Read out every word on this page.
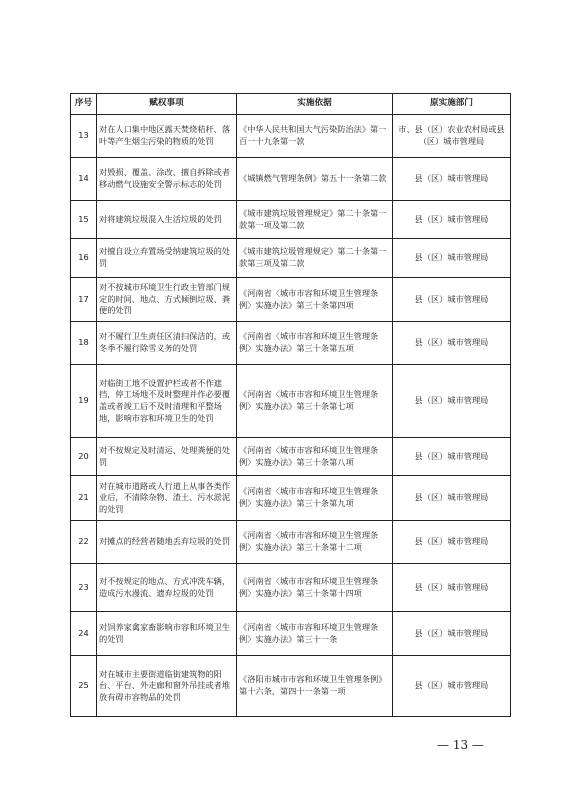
序号	赋权事项	实施依据	原实施部门
13	对在人口集中地区露天焚烧秸秆、落叶等产生烟尘污染的物质的处罚	《中华人民共和国大气污染防治法》第一百一十九条第一款	市、县（区）农业农村局或县（区）城市管理局
14	对毁损、覆盖、涂改、擅自拆除或者移动燃气设施安全警示标志的处罚	《城镇燃气管理条例》第五十一条第二款	县（区）城市管理局
15	对将建筑垃圾混入生活垃圾的处罚	《城市建筑垃圾管理规定》第二十条第一款第一项及第二款	县（区）城市管理局
16	对擅自设立弃置场受纳建筑垃圾的处罚	《城市建筑垃圾管理规定》第二十条第一款第三项及第二款	县（区）城市管理局
17	对不按城市环境卫生行政主管部门规定的时间、地点、方式倾倒垃圾、粪便的处罚	《河南省〈城市市容和环境卫生管理条例〉实施办法》第三十条第四项	县（区）城市管理局
18	对不履行卫生责任区清扫保洁的，或冬季不履行除雪义务的处罚	《河南省〈城市市容和环境卫生管理条例〉实施办法》第三十条第五项	县（区）城市管理局
19	对临街工地不设置护栏或者不作遮挡，停工场地不及时整理并作必要覆盖或者竣工后不及时清理和平整场地，影响市容和环境卫生的处罚	《河南省〈城市市容和环境卫生管理条例〉实施办法》第三十条第七项	县（区）城市管理局
20	对不按规定及时清运、处理粪便的处罚	《河南省〈城市市容和环境卫生管理条例〉实施办法》第三十条第八项	县（区）城市管理局
21	对在城市道路或人行道上从事各类作业后，不清除杂物、渣土、污水淤泥的处罚	《河南省〈城市市容和环境卫生管理条例〉实施办法》第三十条第九项	县（区）城市管理局
22	对摊点的经营者随地丢弃垃圾的处罚	《河南省〈城市市容和环境卫生管理条例〉实施办法》第三十条第十二项	县（区）城市管理局
23	对不按规定的地点、方式冲洗车辆，造成污水漫流、遗弃垃圾的处罚	《河南省〈城市市容和环境卫生管理条例〉实施办法》第三十条第十四项	县（区）城市管理局
24	对饲养家禽家畜影响市容和环境卫生的处罚	《河南省〈城市市容和环境卫生管理条例〉实施办法》第三十一条	县（区）城市管理局
25	对在城市主要街道临街建筑物的阳台、平台、外走廊和窗外吊挂或者堆放有碍市容物品的处罚	《洛阳市城市市容和环境卫生管理条例》第十六条、第四十一条第一项	县（区）城市管理局
— 13 —
